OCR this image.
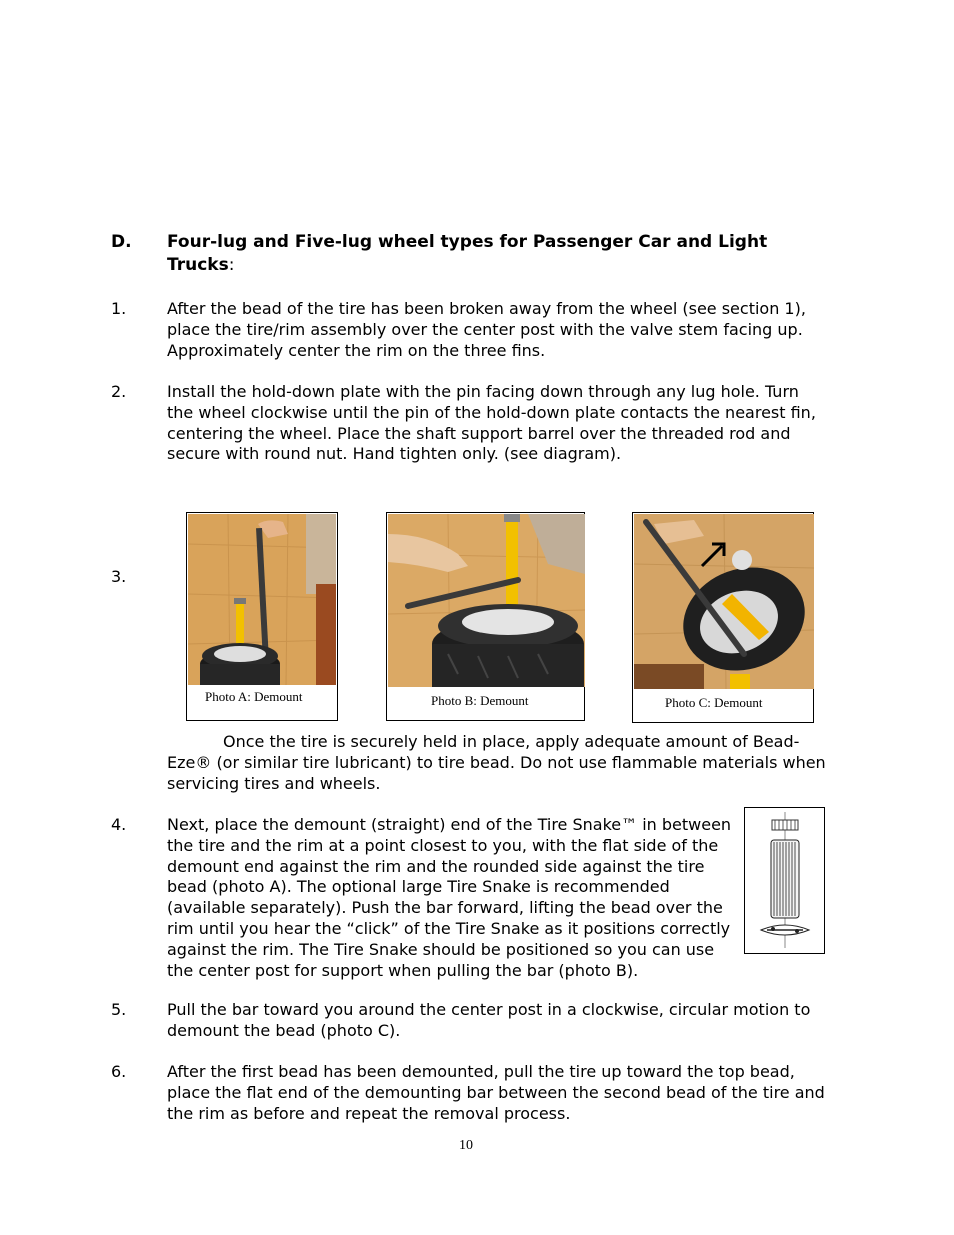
D. Four-lug and Five-lug wheel types for Passenger Car and Light Trucks:
1.	After the bead of the tire has been broken away from the wheel (see section 1), place the tire/rim assembly over the center post with the valve stem facing up. Approximately center the rim on the three fins.

2.	Install the hold-down plate with the pin facing down through any lug hole. Turn the wheel clockwise until the pin of the hold-down plate contacts the nearest fin, centering the wheel. Place the shaft support barrel over the threaded rod and secure with round nut. Hand tighten only. (see diagram).

3.
Photo A: Demount	Photo B: Demount	Photo C: Demount

Once the tire is securely held in place, apply adequate amount of Bead-Eze® (or similar tire lubricant) to tire bead. Do not use flammable materials when servicing tires and wheels.

4.	Next, place the demount (straight) end of the Tire Snake™ in between the tire and the rim at a point closest to you, with the flat side of the demount end against the rim and the rounded side against the tire bead (photo A). The optional large Tire Snake is recommended (available separately). Push the bar forward, lifting the bead over the rim until you hear the “click” of the Tire Snake as it positions correctly against the rim. The Tire Snake should be positioned so you can use the center post for support when pulling the bar (photo B).

5.	Pull the bar toward you around the center post in a clockwise, circular motion to demount the bead (photo C).

6.	After the first bead has been demounted, pull the tire up toward the top bead, place the flat end of the demounting bar between the second bead of the tire and the rim as before and repeat the removal process.

10
